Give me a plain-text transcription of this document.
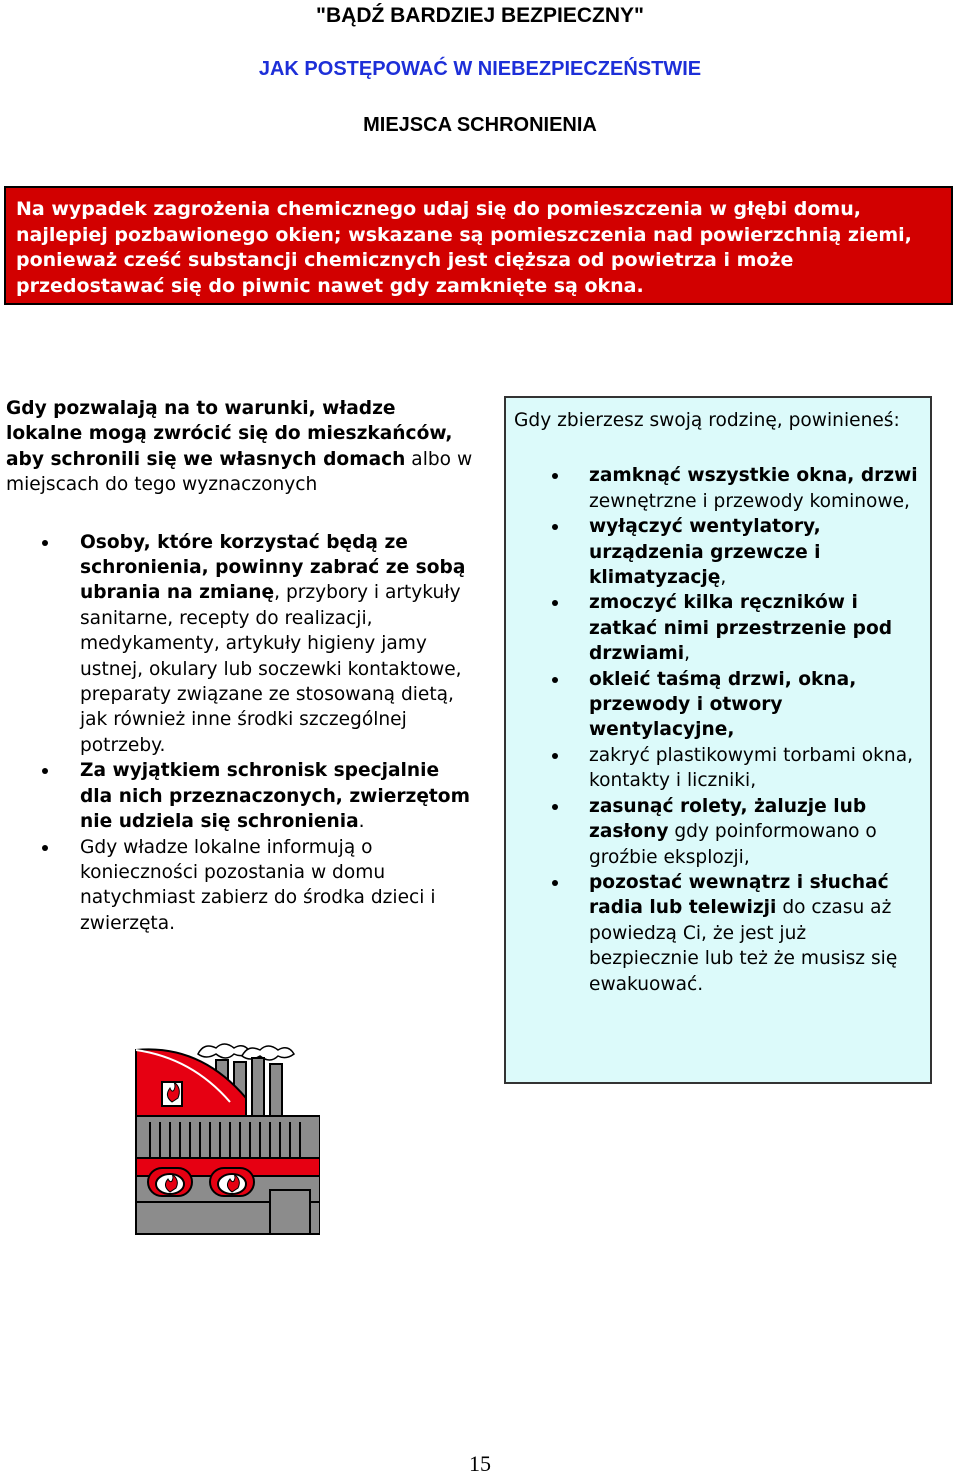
"BĄDŹ BARDZIEJ BEZPIECZNY"
JAK POSTĘPOWAĆ W NIEBEZPIECZEŃSTWIE
MIEJSCA SCHRONIENIA
Na wypadek zagrożenia chemicznego udaj się do pomieszczenia w głębi domu, najlepiej pozbawionego okien; wskazane są pomieszczenia nad powierzchnią ziemi, ponieważ cześć substancji chemicznych jest cięższa od powietrza i może przedostawać się do piwnic nawet gdy zamknięte są okna.

Gdy pozwalają na to warunki, władze lokalne mogą zwrócić się do mieszkańców, aby schronili się we własnych domach albo w miejscach do tego wyznaczonych

Osoby, które korzystać będą ze schronienia, powinny zabrać ze sobą ubrania na zmianę, przybory i artykuły sanitarne, recepty do realizacji, medykamenty, artykuły higieny jamy ustnej, okulary lub soczewki kontaktowe, preparaty związane ze stosowaną dietą, jak również inne środki szczególnej potrzeby.
Za wyjątkiem schronisk specjalnie dla nich przeznaczonych, zwierzętom nie udziela się schronienia.
Gdy władze lokalne informują o konieczności pozostania w domu natychmiast zabierz do środka dzieci i zwierzęta.

Gdy zbierzesz swoją rodzinę, powinieneś:

zamknąć wszystkie okna, drzwi zewnętrzne i przewody kominowe,
wyłączyć wentylatory, urządzenia grzewcze i klimatyzację,
zmoczyć kilka ręczników i zatkać nimi przestrzenie pod drzwiami,
okleić taśmą drzwi, okna, przewody i otwory wentylacyjne,
zakryć plastikowymi torbami okna, kontakty i liczniki,
zasunąć rolety, żaluzje lub zasłony gdy poinformowano o groźbie eksplozji,
pozostać wewnątrz i słuchać radia lub telewizji do czasu aż powiedzą Ci, że jest już bezpiecznie lub też że musisz się ewakuować.
15
